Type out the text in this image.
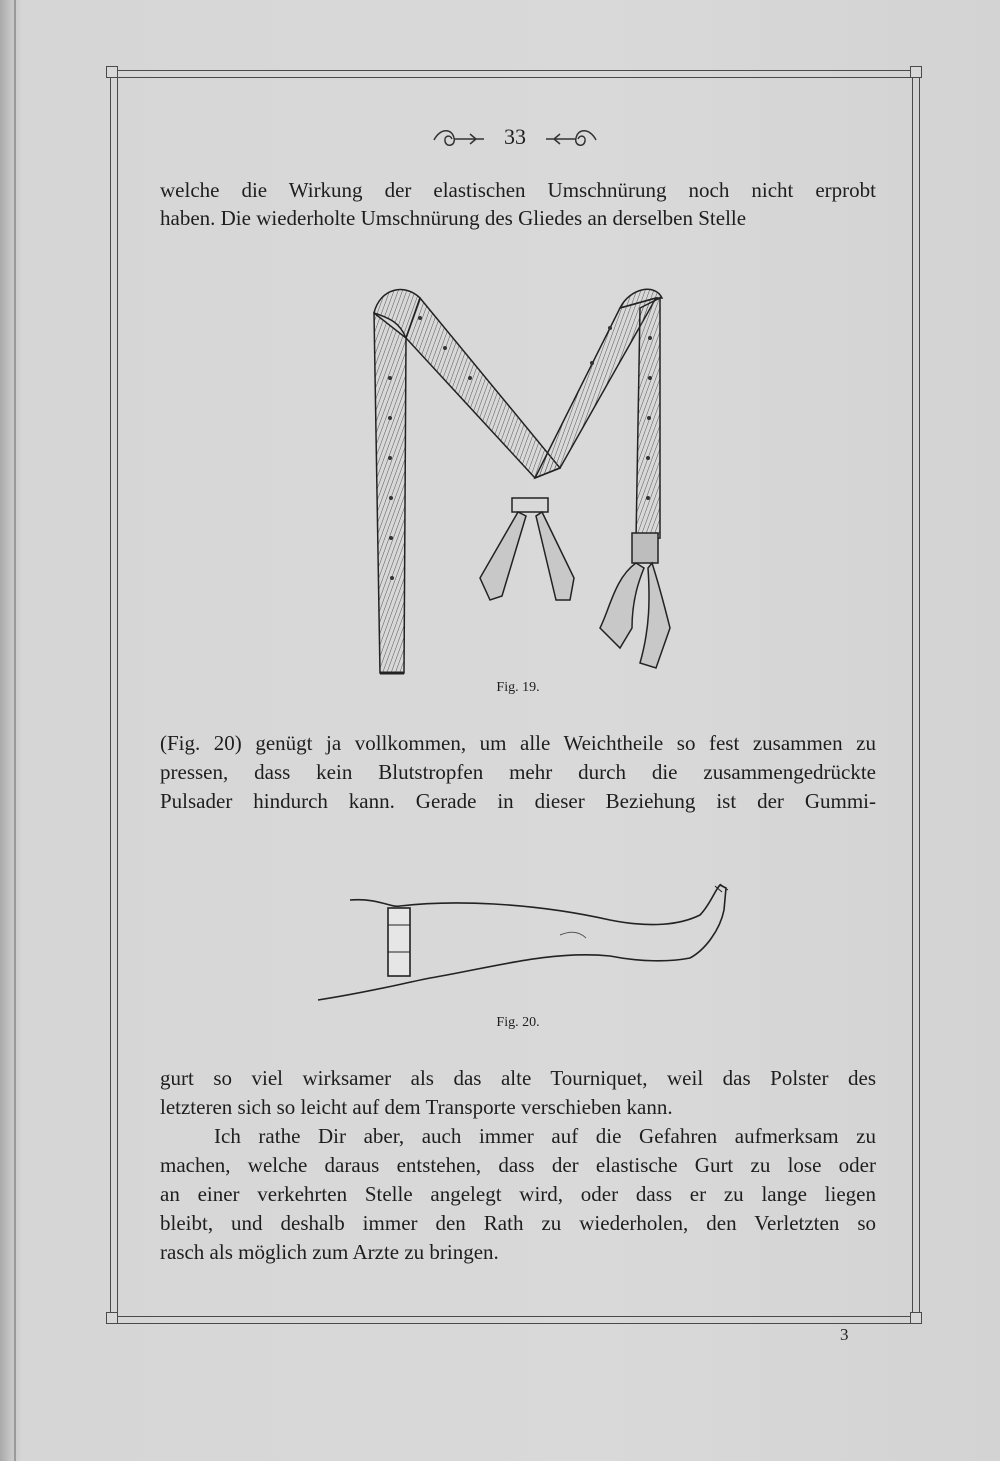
33
welche die Wirkung der elastischen Umschnürung noch nicht erprobt
haben. Die wiederholte Umschnürung des Gliedes an derselben Stelle
Fig. 19.
(Fig. 20) genügt ja vollkommen, um alle Weichtheile so fest zusammen zu
pressen, dass kein Blutstropfen mehr durch die zusammengedrückte
Pulsader hindurch kann. Gerade in dieser Beziehung ist der Gummi-
Fig. 20.
gurt so viel wirksamer als das alte Tourniquet, weil das Polster des
letzteren sich so leicht auf dem Transporte verschieben kann.
Ich rathe Dir aber, auch immer auf die Gefahren aufmerksam zu
machen, welche daraus entstehen, dass der elastische Gurt zu lose oder
an einer verkehrten Stelle angelegt wird, oder dass er zu lange liegen
bleibt, und deshalb immer den Rath zu wiederholen, den Verletzten so
rasch als möglich zum Arzte zu bringen.
3
